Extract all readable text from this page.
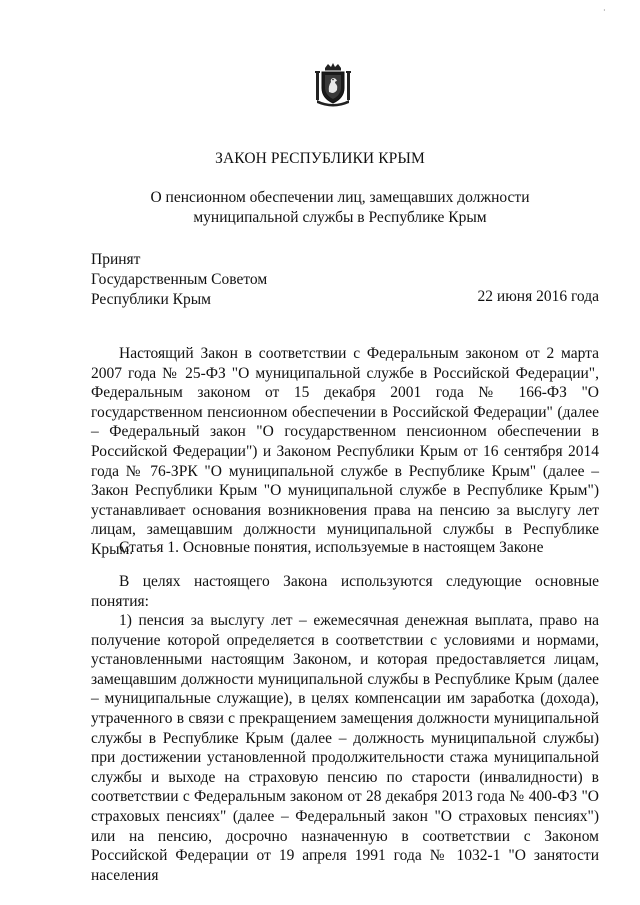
·
ЗАКОН РЕСПУБЛИКИ КРЫМ
О пенсионном обеспечении лиц, замещавших должности
муниципальной службы в Республике Крым
Принят
Государственным Советом
Республики Крым	22 июня 2016 года

Настоящий Закон в соответствии с Федеральным законом от 2 марта 2007 года № 25-ФЗ "О муниципальной службе в Российской Федерации", Федеральным законом от 15 декабря 2001 года № 166-ФЗ "О государственном пенсионном обеспечении в Российской Федерации" (далее – Федеральный закон "О государственном пенсионном обеспечении в Российской Федерации") и Законом Республики Крым от 16 сентября 2014 года № 76-ЗРК "О муниципальной службе в Республике Крым" (далее – Закон Республики Крым "О муниципальной службе в Республике Крым") устанавливает основания возникновения права на пенсию за выслугу лет лицам, замещавшим должности муниципальной службы в Республике Крым.

Статья 1. Основные понятия, используемые в настоящем Законе

В целях настоящего Закона используются следующие основные понятия:

1) пенсия за выслугу лет – ежемесячная денежная выплата, право на получение которой определяется в соответствии с условиями и нормами, установленными настоящим Законом, и которая предоставляется лицам, замещавшим должности муниципальной службы в Республике Крым (далее – муниципальные служащие), в целях компенсации им заработка (дохода), утраченного в связи с прекращением замещения должности муниципальной службы в Республике Крым (далее – должность муниципальной службы) при достижении установленной продолжительности стажа муниципальной службы и выходе на страховую пенсию по старости (инвалидности) в соответствии с Федеральным законом от 28 декабря 2013 года № 400-ФЗ "О страховых пенсиях" (далее – Федеральный закон "О страховых пенсиях") или на пенсию, досрочно назначенную в соответствии с Законом Российской Федерации от 19 апреля 1991 года № 1032-1 "О занятости населения
